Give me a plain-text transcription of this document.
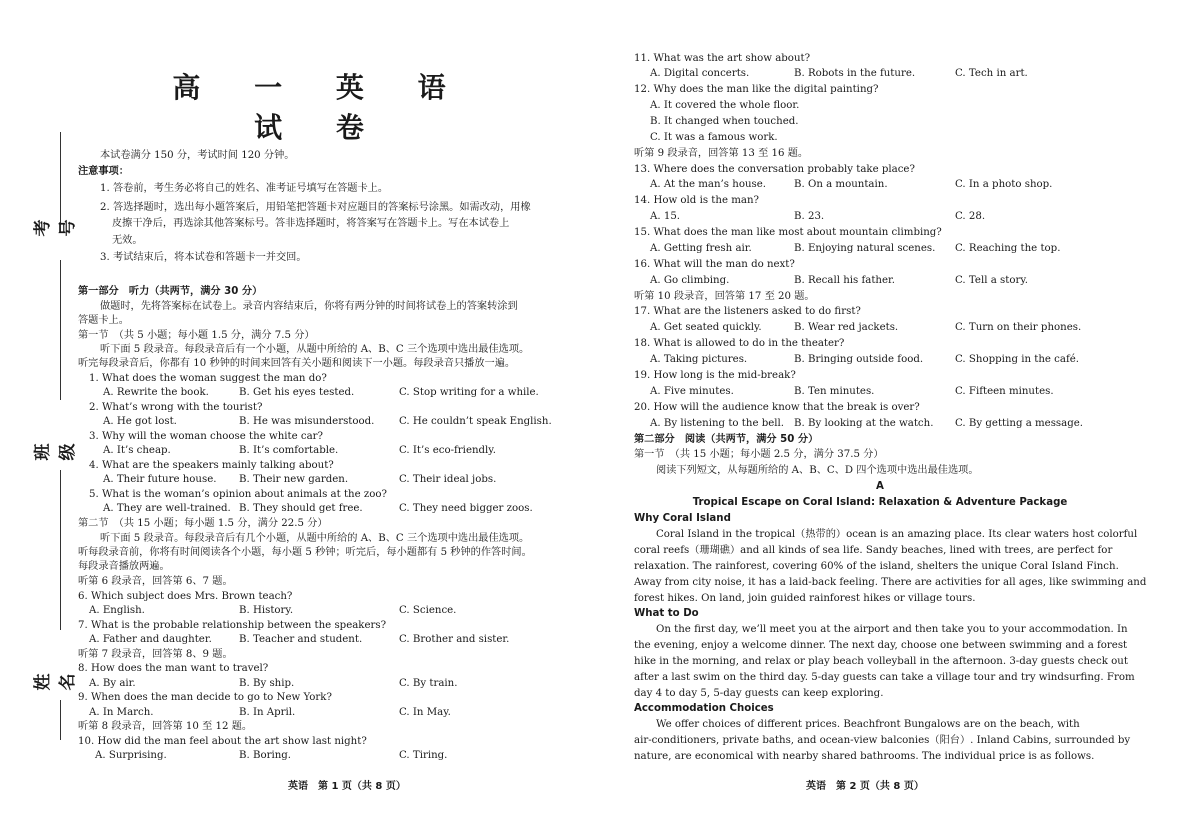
考号
班级
姓名
高 一 英 语 试 卷
本试卷满分 150 分，考试时间 120 分钟。
注意事项：
1. 答卷前，考生务必将自己的姓名、准考证号填写在答题卡上。
2. 答选择题时，选出每小题答案后，用铅笔把答题卡对应题目的答案标号涂黑。如需改动，用橡
皮擦干净后，再选涂其他答案标号。答非选择题时，将答案写在答题卡上。写在本试卷上
无效。
3. 考试结束后，将本试卷和答题卡一并交回。
第一部分　听力（共两节，满分 30 分）
做题时，先将答案标在试卷上。录音内容结束后，你将有两分钟的时间将试卷上的答案转涂到
答题卡上。
第一节　（共 5 小题；每小题 1.5 分，满分 7.5 分）
听下面 5 段录音。每段录音后有一个小题，从题中所给的 A、B、C 三个选项中选出最佳选项。
听完每段录音后，你都有 10 秒钟的时间来回答有关小题和阅读下一小题。每段录音只播放一遍。
1. What does the woman suggest the man do?
A. Rewrite the book.	B. Get his eyes tested.	C. Stop writing for a while.
2. What’s wrong with the tourist?
A. He got lost.	B. He was misunderstood. C. He couldn’t speak English.
3. Why will the woman choose the white car?
A. It’s cheap.	B. It’s comfortable.	C. It’s eco-friendly.
4. What are the speakers mainly talking about?
A. Their future house. B. Their new garden.	C. Their ideal jobs.
5. What is the woman’s opinion about animals at the zoo?
A. They are well-trained. B. They should get free.	C. They need bigger zoos.
第二节　（共 15 小题；每小题 1.5 分，满分 22.5 分）
听下面 5 段录音。每段录音后有几个小题，从题中所给的 A、B、C 三个选项中选出最佳选项。
听每段录音前，你将有时间阅读各个小题，每小题 5 秒钟；听完后，每小题都有 5 秒钟的作答时间。
每段录音播放两遍。
听第 6 段录音，回答第 6、7 题。
6. Which subject does Mrs. Brown teach?
A. English.	B. History.	C. Science.
7. What is the probable relationship between the speakers?
A. Father and daughter.	B. Teacher and student.	C. Brother and sister.
听第 7 段录音，回答第 8、9 题。
8. How does the man want to travel?
A. By air.	B. By ship.	C. By train.
9. When does the man decide to go to New York?
A. In March.	B. In April.	C. In May.
听第 8 段录音，回答第 10 至 12 题。
10. How did the man feel about the art show last night?
A. Surprising.	B. Boring.	C. Tiring.
英语　第 1 页（共 8 页）
11. What was the art show about?
A. Digital concerts.	B. Robots in the future.	C. Tech in art.
12. Why does the man like the digital painting?
A. It covered the whole floor.
B. It changed when touched.
C. It was a famous work.
听第 9 段录音，回答第 13 至 16 题。
13. Where does the conversation probably take place?
A. At the man’s house.	B. On a mountain.	C. In a photo shop.
14. How old is the man?
A. 15.	B. 23.	C. 28.
15. What does the man like most about mountain climbing?
A. Getting fresh air.	B. Enjoying natural scenes. C. Reaching the top.
16. What will the man do next?
A. Go climbing.	B. Recall his father.	C. Tell a story.
听第 10 段录音，回答第 17 至 20 题。
17. What are the listeners asked to do first?
A. Get seated quickly.	B. Wear red jackets.	C. Turn on their phones.
18. What is allowed to do in the theater?
A. Taking pictures.	B. Bringing outside food.	C. Shopping in the café.
19. How long is the mid-break?
A. Five minutes.	B. Ten minutes.	C. Fifteen minutes.
20. How will the audience know that the break is over?
A. By listening to the bell. B. By looking at the watch. C. By getting a message.
第二部分　阅读（共两节，满分 50 分）
第一节　（共 15 小题；每小题 2.5 分，满分 37.5 分）
阅读下列短文，从每题所给的 A、B、C、D 四个选项中选出最佳选项。
A
Tropical Escape on Coral Island: Relaxation & Adventure Package
Why Coral Island
Coral Island in the tropical（热带的）ocean is an amazing place. Its clear waters host colorful
coral reefs（珊瑚礁）and all kinds of sea life. Sandy beaches, lined with trees, are perfect for
relaxation. The rainforest, covering 60% of the island, shelters the unique Coral Island Finch.
Away from city noise, it has a laid-back feeling. There are activities for all ages, like swimming and
forest hikes. On land, join guided rainforest hikes or village tours.
What to Do
On the first day, we’ll meet you at the airport and then take you to your accommodation. In
the evening, enjoy a welcome dinner. The next day, choose one between swimming and a forest
hike in the morning, and relax or play beach volleyball in the afternoon. 3-day guests check out
after a last swim on the third day. 5-day guests can take a village tour and try windsurfing. From
day 4 to day 5, 5-day guests can keep exploring.
Accommodation Choices
We offer choices of different prices. Beachfront Bungalows are on the beach, with
air-conditioners, private baths, and ocean-view balconies（阳台）. Inland Cabins, surrounded by
nature, are economical with nearby shared bathrooms. The individual price is as follows.
英语　第 2 页（共 8 页）
